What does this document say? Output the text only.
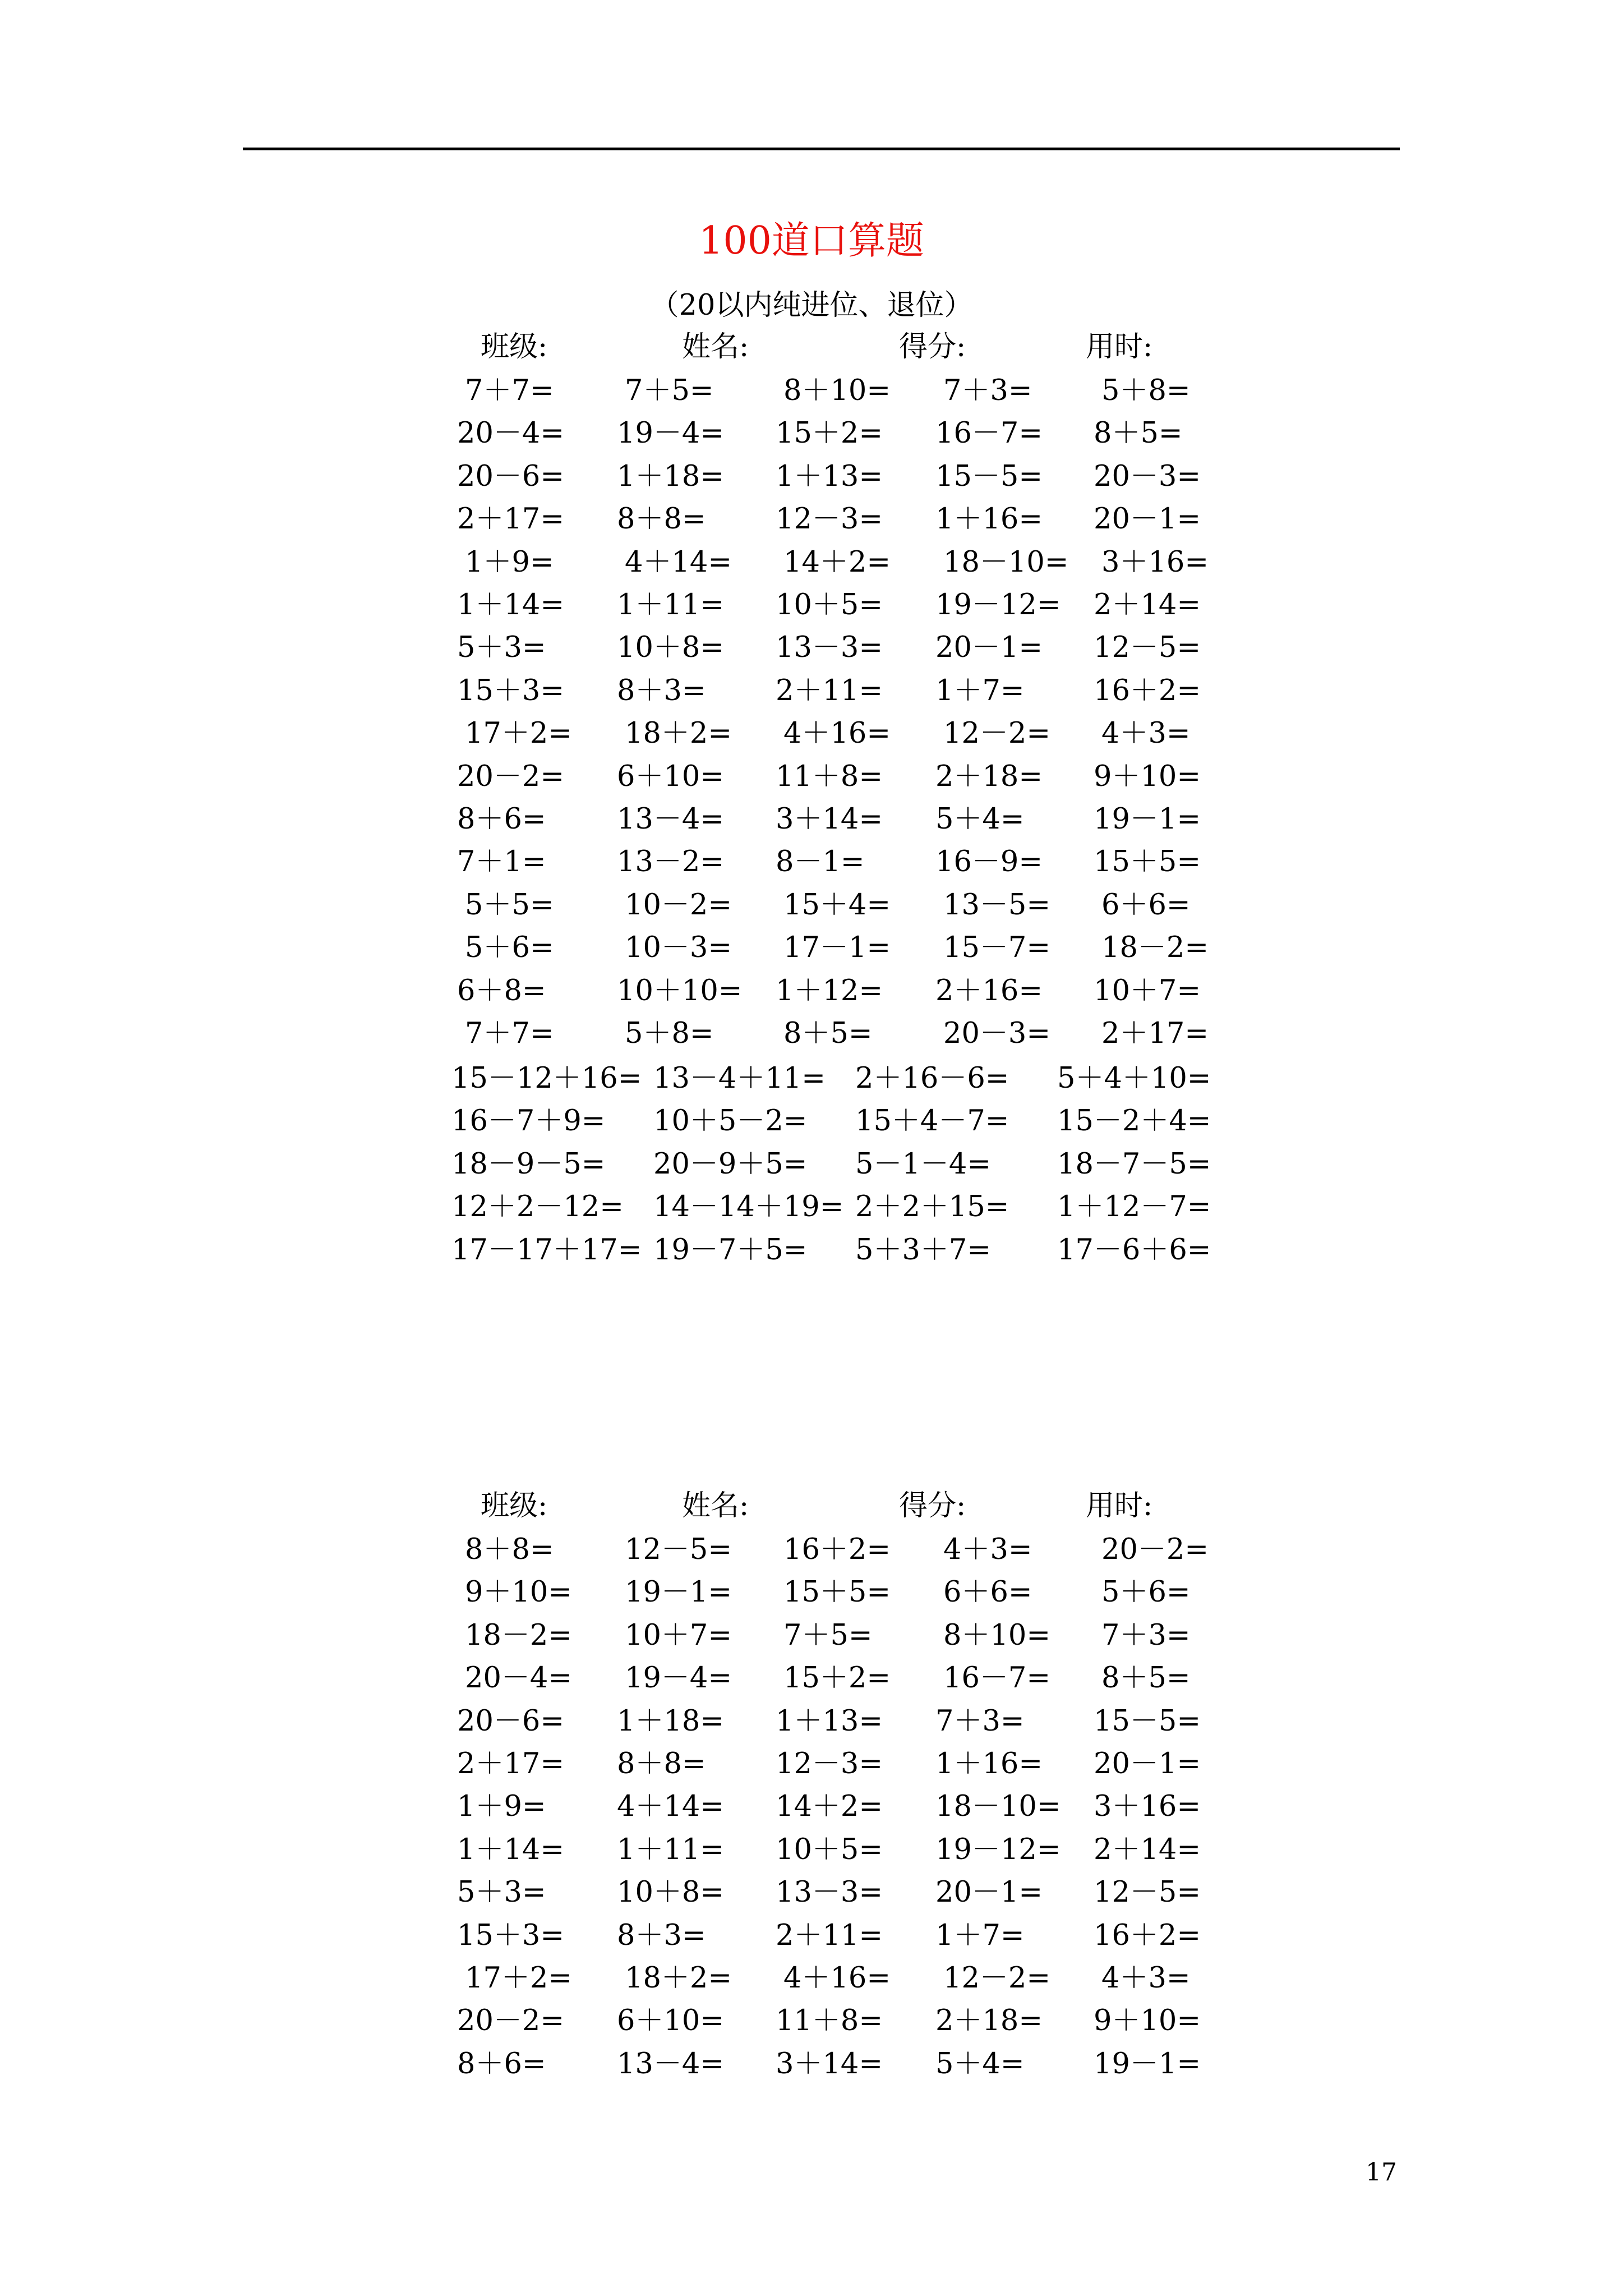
100道口算题
（20以内纯进位、退位）
班级:	姓名:	得分:	用时:
7＋7= 7＋5= 8＋10= 7＋3= 5＋8=
20－4= 19－4= 15＋2= 16－7= 8＋5=
20－6= 1＋18= 1＋13= 15－5= 20－3=
2＋17= 8＋8= 12－3= 1＋16= 20－1=
1＋9= 4＋14= 14＋2= 18－10= 3＋16=
1＋14= 1＋11= 10＋5= 19－12= 2＋14=
5＋3= 10＋8= 13－3= 20－1= 12－5=
15＋3= 8＋3= 2＋11= 1＋7= 16＋2=
17＋2= 18＋2= 4＋16= 12－2= 4＋3=
20－2= 6＋10= 11＋8= 2＋18= 9＋10=
8＋6= 13－4= 3＋14= 5＋4= 19－1=
7＋1= 13－2= 8－1= 16－9= 15＋5=
5＋5= 10－2= 15＋4= 13－5= 6＋6=
5＋6= 10－3= 17－1= 15－7= 18－2=
6＋8= 10＋10= 1＋12= 2＋16= 10＋7=
7＋7= 5＋8= 8＋5= 20－3= 2＋17=
15－12＋16= 13－4＋11= 2＋16－6= 5＋4＋10=
16－7＋9= 10＋5－2= 15＋4－7= 15－2＋4=
18－9－5= 20－9＋5= 5－1－4= 18－7－5=
12＋2－12= 14－14＋19= 2＋2＋15= 1＋12－7=
17－17＋17= 19－7＋5= 5＋3＋7= 17－6＋6=
班级:	姓名:	得分:	用时:
8＋8= 12－5= 16＋2= 4＋3= 20－2=
9＋10= 19－1= 15＋5= 6＋6= 5＋6=
18－2= 10＋7= 7＋5= 8＋10= 7＋3=
20－4= 19－4= 15＋2= 16－7= 8＋5=
20－6= 1＋18= 1＋13= 7＋3= 15－5=
2＋17= 8＋8= 12－3= 1＋16= 20－1=
1＋9= 4＋14= 14＋2= 18－10= 3＋16=
1＋14= 1＋11= 10＋5= 19－12= 2＋14=
5＋3= 10＋8= 13－3= 20－1= 12－5=
15＋3= 8＋3= 2＋11= 1＋7= 16＋2=
17＋2= 18＋2= 4＋16= 12－2= 4＋3=
20－2= 6＋10= 11＋8= 2＋18= 9＋10=
8＋6= 13－4= 3＋14= 5＋4= 19－1=
17
